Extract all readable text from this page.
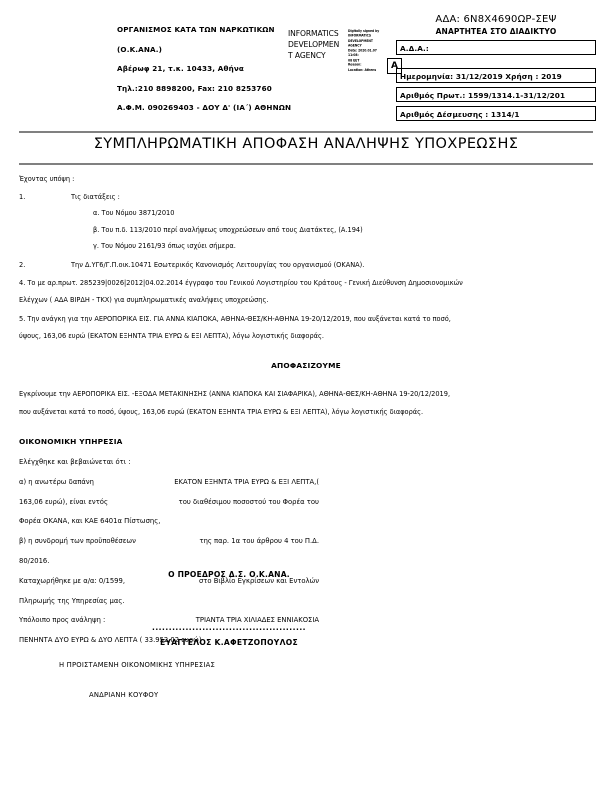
ΟΡΓΑΝΙΣΜΟΣ ΚΑΤΑ ΤΩΝ ΝΑΡΚΩΤΙΚΩΝ
(Ο.Κ.ΑΝΑ.)
Αβέρωφ 21, τ.κ. 10433, Αθήνα
Τηλ.:210 8898200, Fax: 210 8253760
Α.Φ.Μ. 090269403 - ΔΟΥ Δ' (ΙΑ΄) ΑΘΗΝΩΝ
INFORMATICS
DEVELOPMEN
T AGENCY
Digitally signed by
INFORMATICS
DEVELOPMENT AGENCY
Date: 2020.01.07 11:08:
08 EET
Reason:
Location: Athens	A
ΑΔΑ: 6Ν8Χ4690ΩΡ-ΣΕΨ
ΑΝΑΡΤΗΤΕΑ ΣΤΟ ΔΙΑΔΙΚΤΥΟ
Α.Δ.Α.:
Ημερομηνία: 31/12/2019 Χρήση : 2019
Αριθμός Πρωτ.: 1599/1314.1-31/12/201
Αριθμός Δέσμευσης : 1314/1
ΣΥΜΠΛΗΡΩΜΑΤΙΚΗ ΑΠΟΦΑΣΗ ΑΝΑΛΗΨΗΣ ΥΠΟΧΡΕΩΣΗΣ
Έχοντας υπόψη :
1.	Τις διατάξεις :
α. Του Νόμου 3871/2010
β. Του π.δ. 113/2010 περί αναλήψεως υποχρεώσεων από τους Διατάκτες, (Α.194)
γ. Του Νόμου 2161/93 όπως ισχύει σήμερα.
2.	Την Δ.ΥΓ6/Γ.Π.οικ.10471 Εσωτερικός Κανονισμός Λειτουργίας του οργανισμού (ΟΚΑΝΑ).
4. Το με αρ.πρωτ. 285239|0026|2012|04.02.2014 έγγραφο του Γενικού Λογιστηρίου του Κράτους - Γενική Διεύθυνση Δημοσιονομικών
Ελέγχων ( ΑΔΑ ΒΙΡΔΗ - ΤΚΧ) για συμπληρωματικές αναλήψεις υποχρεώσης.
5. Την ανάγκη για την ΑΕΡΟΠΟΡΙΚΑ ΕΙΣ. ΓΙΑ ΑΝΝΑ ΚΙΑΠΟΚΑ, ΑΘΗΝΑ-ΘΕΣ/ΚΗ-ΑΘΗΝΑ 19-20/12/2019, που αυξάνεται κατά το ποσό,
ύψους, 163,06 ευρώ (ΕΚΑΤΟΝ ΕΞΗΝΤΑ ΤΡΙΑ ΕΥΡΩ & ΕΞΙ ΛΕΠΤΑ), λόγω λογιστικής διαφοράς.
ΑΠΟΦΑΣΙΖΟΥΜΕ
Εγκρίνουμε την ΑΕΡΟΠΟΡΙΚΑ ΕΙΣ. -ΕΞΟΔΑ ΜΕΤΑΚΙΝΗΣΗΣ (ΑΝΝΑ ΚΙΑΠΟΚΑ ΚΑΙ ΣΙΑΦΑΡΙΚΑ), ΑΘΗΝΑ-ΘΕΣ/ΚΗ-ΑΘΗΝΑ 19-20/12/2019,
που αυξάνεται κατά το ποσό, ύψους, 163,06 ευρώ (ΕΚΑΤΟΝ ΕΞΗΝΤΑ ΤΡΙΑ ΕΥΡΩ & ΕΞΙ ΛΕΠΤΑ), λόγω λογιστικής διαφοράς.
ΟΙΚΟΝΟΜΙΚΗ ΥΠΗΡΕΣΙΑ
Ελέγχθηκε και βεβαιώνεται ότι :
α) η ανωτέρω δαπάνη	ΕΚΑΤΟΝ ΕΞΗΝΤΑ ΤΡΙΑ ΕΥΡΩ & ΕΞΙ ΛΕΠΤΑ,(
163,06 ευρώ), είναι εντός	του διαθέσιμου ποσοστού του Φορέα του
Φορέα ΟΚΑΝΑ, και ΚΑΕ 6401α Πίστωσης,
β) η συνδρομή των προϋποθέσεων	της παρ. 1α του άρθρου 4 του Π.Δ.
80/2016.
Καταχωρήθηκε με α/α: 0/1599,	στο Βιβλίο Εγκρίσεων και Εντολών
Πληρωμής της Υπηρεσίας μας.
Υπόλοιπο προς ανάληψη :	ΤΡΙΑΝΤΑ ΤΡΙΑ ΧΙΛΙΑΔΕΣ ΕΝΝΙΑΚΟΣΙΑ
ΠΕΝΗΝΤΑ ΔΥΟ ΕΥΡΩ & ΔΥΟ ΛΕΠΤΑ ( 33.952,02 ευρώ)
Ο ΠΡΟΕΔΡΟΣ Δ.Σ. Ο.Κ.ΑΝΑ.
..............................................
ΕΥΑΓΓΕΛΟΣ Κ.ΑΦΕΤΖΟΠΟΥΛΟΣ
Η ΠΡΟΙΣΤΑΜΕΝΗ ΟΙΚΟΝΟΜΙΚΗΣ ΥΠΗΡΕΣΙΑΣ
ΑΝΔΡΙΑΝΗ ΚΟΥΦΟΥ
